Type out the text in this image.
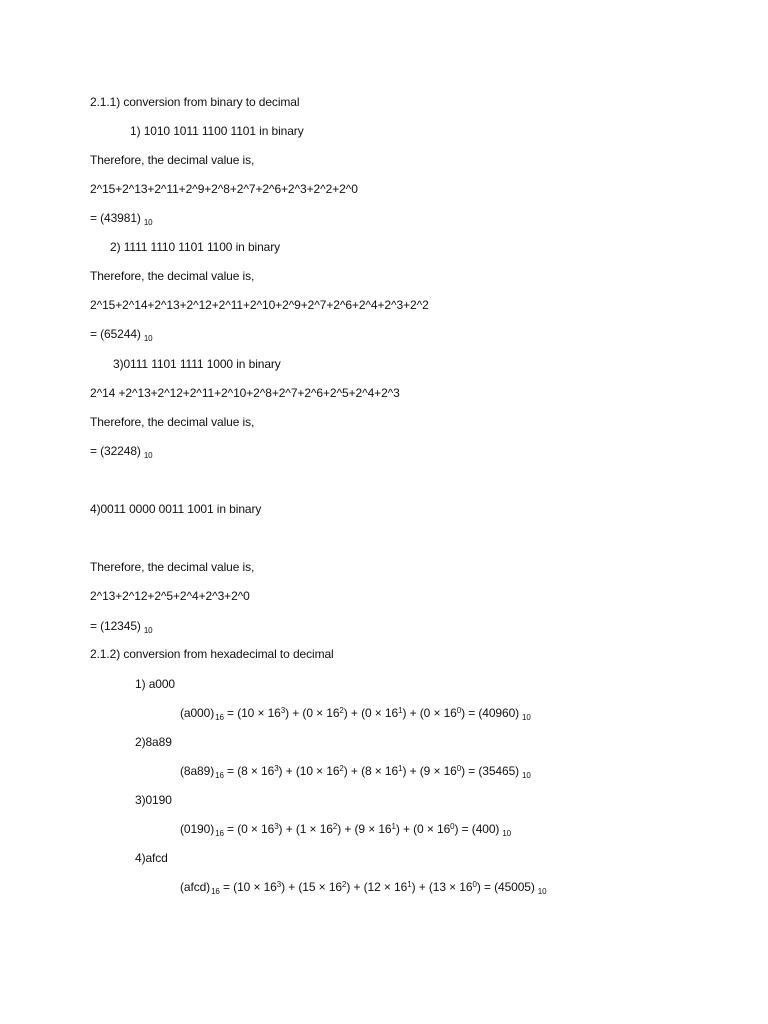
2.1.1) conversion from binary to decimal
1) 1010 1011 1100 1101 in binary
Therefore, the decimal value is,
2^15+2^13+2^11+2^9+2^8+2^7+2^6+2^3+2^2+2^0
= (43981) $_{10}$
2) 1111 1110 1101 1100 in binary
Therefore, the decimal value is,
2^15+2^14+2^13+2^12+2^11+2^10+2^9+2^7+2^6+2^4+2^3+2^2
= (65244) $_{10}$
3)0111 1101 1111 1000 in binary
2^14 +2^13+2^12+2^11+2^10+2^8+2^7+2^6+2^5+2^4+2^3
Therefore, the decimal value is,
= (32248) $_{10}$
4)0011 0000 0011 1001 in binary
Therefore, the decimal value is,
2^13+2^12+2^5+2^4+2^3+2^0
= (12345) $_{10}$
2.1.2) conversion from hexadecimal to decimal
1) a000
$(a000)_{16} = (10 \times 16^3) + (0 \times 16^2) + (0 \times 16^1) + (0 \times 16^0) = (40960)$ $_{10}$
2)8a89
$(8a89)_{16} = (8 \times 16^3) + (10 \times 16^2) + (8 \times 16^1) + (9 \times 16^0) = (35465)$ $_{10}$
3)0190
$(0190)_{16} = (0 \times 16^3) + (1 \times 16^2) + (9 \times 16^1) + (0 \times 16^0) = (400)$ $_{10}$
4)afcd
$(afcd)_{16} = (10 \times 16^3) + (15 \times 16^2) + (12 \times 16^1) + (13 \times 16^0) = (45005)$ $_{10}$
